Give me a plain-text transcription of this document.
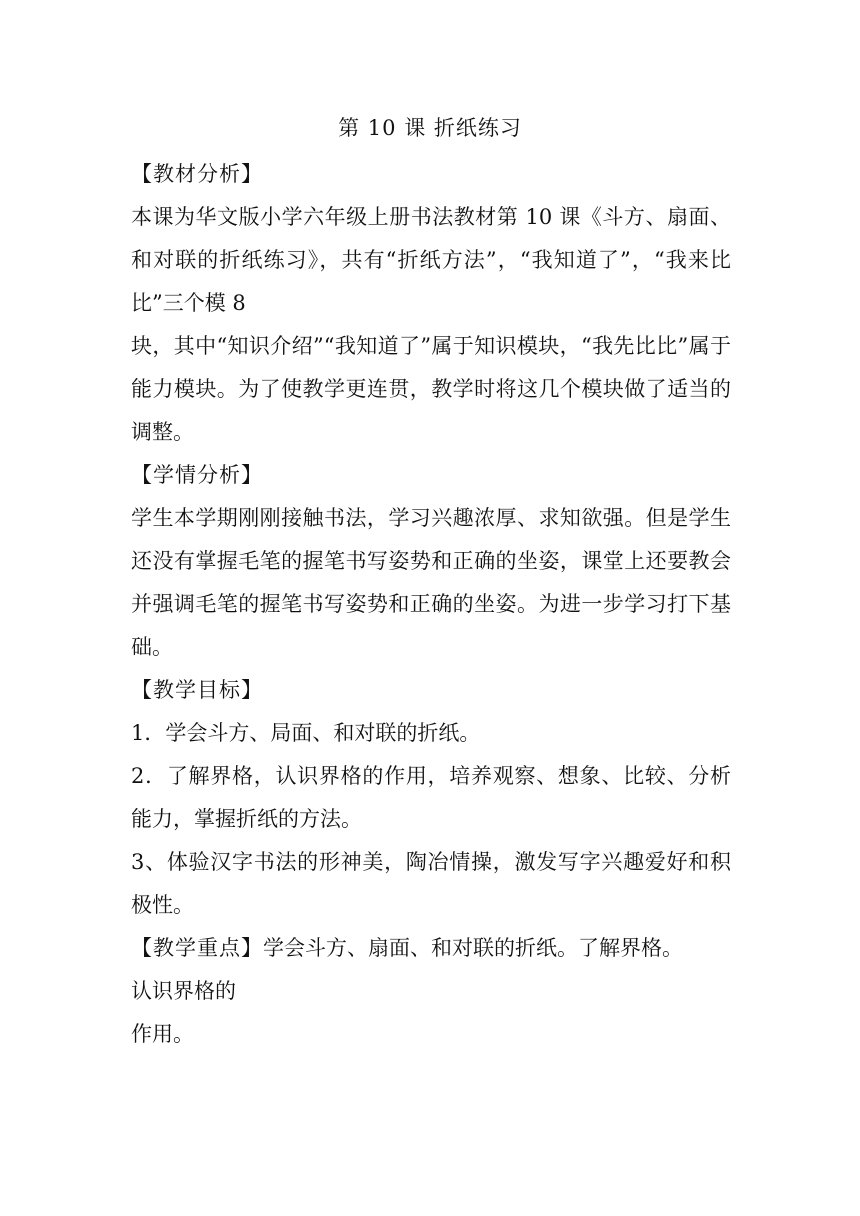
第 10 课 折纸练习

【教材分析】

本课为华文版小学六年级上册书法教材第 10 课《斗方、扇面、和对联的折纸练习》，共有“折纸方法”，“我知道了”，“我来比比”三个模 8

块，其中“知识介绍”“我知道了”属于知识模块，“我先比比”属于能力模块。为了使教学更连贯，教学时将这几个模块做了适当的调整。

【学情分析】

学生本学期刚刚接触书法，学习兴趣浓厚、求知欲强。但是学生还没有掌握毛笔的握笔书写姿势和正确的坐姿，课堂上还要教会并强调毛笔的握笔书写姿势和正确的坐姿。为进一步学习打下基础。

【教学目标】

1．学会斗方、局面、和对联的折纸。

2．了解界格，认识界格的作用，培养观察、想象、比较、分析能力，掌握折纸的方法。

3、体验汉字书法的形神美，陶冶情操，激发写字兴趣爱好和积极性。

【教学重点】学会斗方、扇面、和对联的折纸。了解界格。

认识界格的

作用。
